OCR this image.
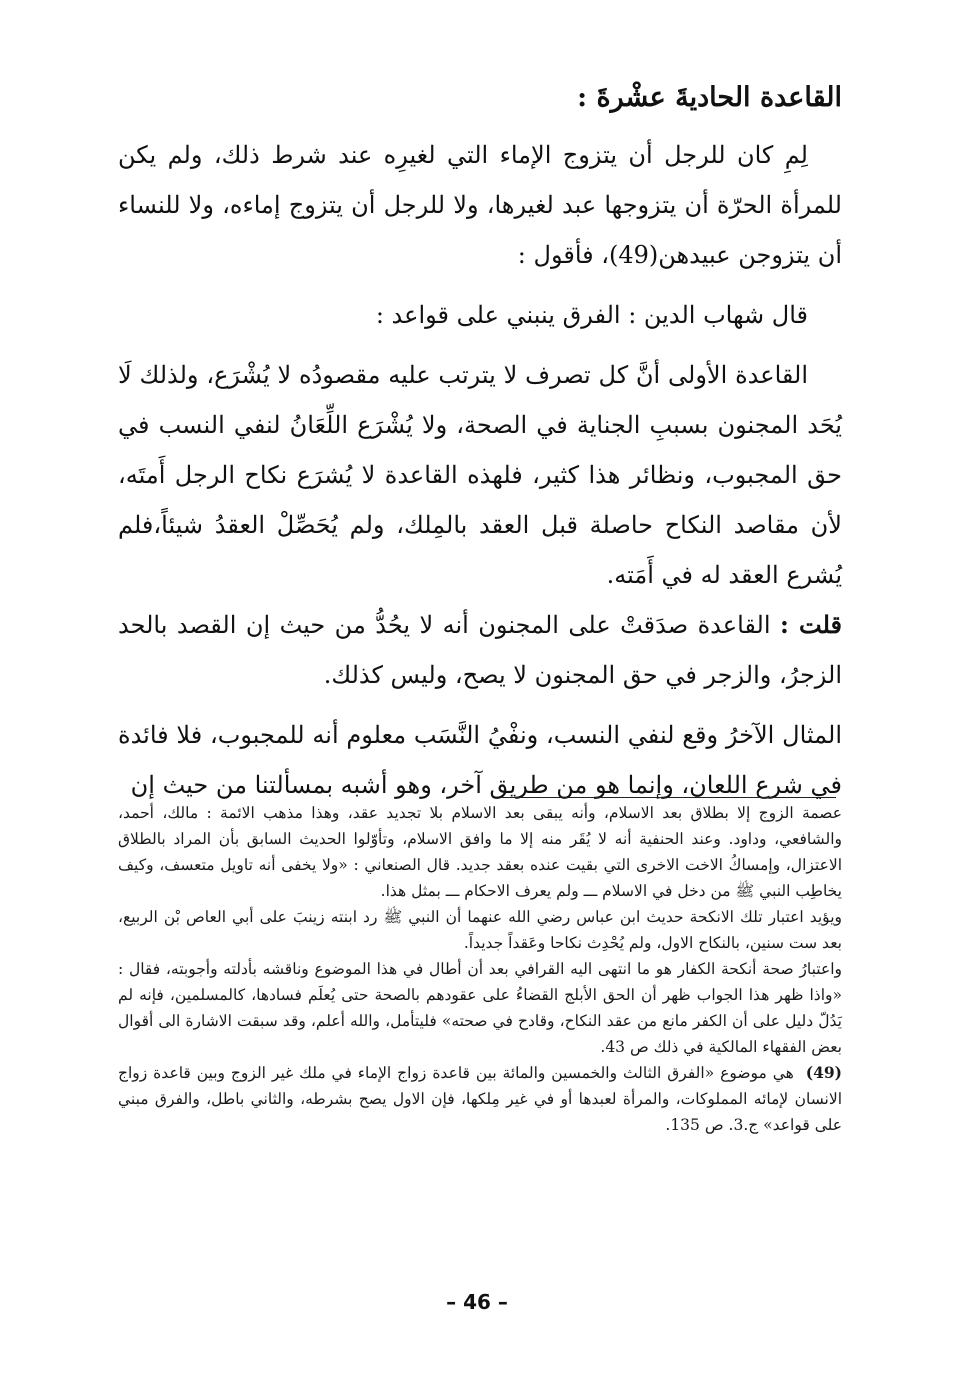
القاعدة الحاديةَ عشْرةَ :

لِمِ كان للرجل أن يتزوج الإماء التي لغيرِه عند شرط ذلك، ولم يكن للمرأة الحرّة أن يتزوجها عبد لغيرها، ولا للرجل أن يتزوج إماءه، ولا للنساء أن يتزوجن عبيدهن(49)، فأقول :

قال شهاب الدين : الفرق ينبني على قواعد :

القاعدة الأولى أنَّ كل تصرف لا يترتب عليه مقصودُه لا يُشْرَع، ولذلك لَا يُحَد المجنون بسببِ الجناية في الصحة، ولا يُشْرَع اللِّعَانُ لنفي النسب في حق المجبوب، ونظائر هذا كثير، فلهذه القاعدة لا يُشرَع نكاح الرجل أَمتَه، لأن مقاصد النكاح حاصلة قبل العقد بالمِلك، ولم يُحَصِّلْ العقدُ شيئاً،فلم يُشرع العقد له في أَمَته.

قلت : القاعدة صدَقتْ على المجنون أنه لا يحُدُّ من حيث إن القصد بالحد الزجرُ، والزجر في حق المجنون لا يصح، وليس كذلك.

المثال الآخرُ وقع لنفي النسب، ونفْيُ النَّسَب معلوم أنه للمجبوب، فلا فائدة في شرع اللعان، وإنما هو من طريق آخر، وهو أشبه بمسألتنا من حيث إن

عصمة الزوج إلا بطلاق بعد الاسلام، وأنه يبقى بعد الاسلام بلا تجديد عقد، وهذا مذهب الائمة : مالك، أحمد، والشافعي، وداود. وعند الحنفية أنه لا يُقَر منه إلا ما وافق الاسلام، وتأوّلوا الحديث السابق بأن المراد بالطلاق الاعتزال، وإمساكُ الاخت الاخرى التي بقيت عنده بعقد جديد. قال الصنعاني : «ولا يخفى أنه تاويل متعسف، وكيف يخاطِب النبي ﷺ من دخل في الاسلام ـــ ولم يعرف الاحكام ـــ بمثل هذا.

ويؤيد اعتبار تلك الانكحة حديث ابن عباس رضي الله عنهما أن النبي ﷺ رد ابنته زينبَ على أبي العاص بْن الربيع، بعد ست سنين، بالنكاح الاول، ولم يُحْدِث نكاحا وعَقداً جديداً.

واعتبارُ صحة أنكحة الكفار هو ما انتهى اليه القرافي بعد أن أطال في هذا الموضوع وناقشه بأدلته وأجوبته، فقال : «واذا ظهر هذا الجواب ظهر أن الحق الأبلج القضاءُ على عقودهم بالصحة حتى يُعلَم فسادها، كالمسلمين، فإنه لم يَدُلّ دليل على أن الكفر مانع من عقد النكاح، وقادح في صحته» فليتأمل، والله أعلم، وقد سبقت الاشارة الى أقوال بعض الفقهاء المالكية في ذلك ص 43.

(49) هي موضوع «الفرق الثالث والخمسين والمائة بين قاعدة زواج الإماء في ملك غير الزوج وبين قاعدة زواج الانسان لإمائه المملوكات، والمرأة لعبدها أو في غير مِلكها، فإن الاول يصح بشرطه، والثاني باطل، والفرق مبني على قواعد» ج.3. ص 135.

– 46 –
